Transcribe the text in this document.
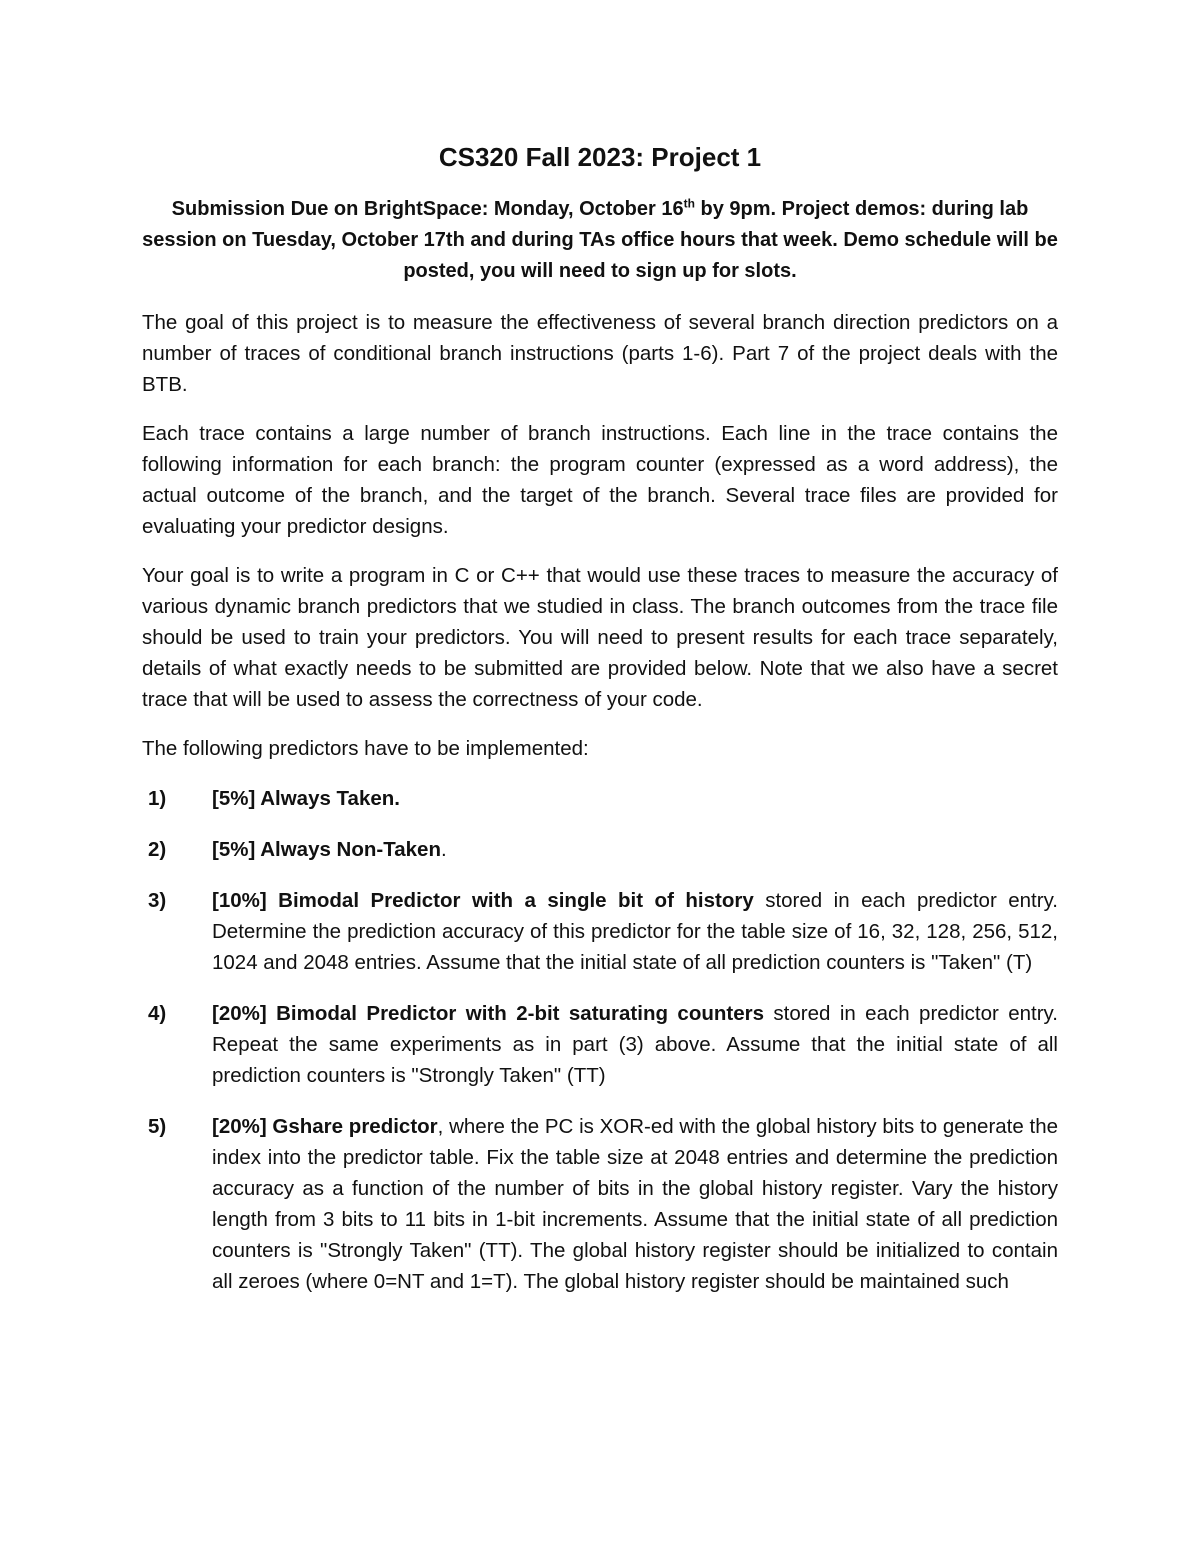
CS320 Fall 2023: Project 1
Submission Due on BrightSpace: Monday, October 16th by 9pm. Project demos: during lab session on Tuesday, October 17th and during TAs office hours that week. Demo schedule will be posted, you will need to sign up for slots.

The goal of this project is to measure the effectiveness of several branch direction predictors on a number of traces of conditional branch instructions (parts 1-6). Part 7 of the project deals with the BTB.

Each trace contains a large number of branch instructions. Each line in the trace contains the following information for each branch: the program counter (expressed as a word address), the actual outcome of the branch, and the target of the branch. Several trace files are provided for evaluating your predictor designs.

Your goal is to write a program in C or C++ that would use these traces to measure the accuracy of various dynamic branch predictors that we studied in class. The branch outcomes from the trace file should be used to train your predictors. You will need to present results for each trace separately, details of what exactly needs to be submitted are provided below. Note that we also have a secret trace that will be used to assess the correctness of your code.

The following predictors have to be implemented:

1) [5%] Always Taken.
2) [5%] Always Non-Taken.
3) [10%] Bimodal Predictor with a single bit of history stored in each predictor entry. Determine the prediction accuracy of this predictor for the table size of 16, 32, 128, 256, 512, 1024 and 2048 entries. Assume that the initial state of all prediction counters is "Taken" (T)
4) [20%] Bimodal Predictor with 2-bit saturating counters stored in each predictor entry. Repeat the same experiments as in part (3) above. Assume that the initial state of all prediction counters is "Strongly Taken" (TT)
5) [20%] Gshare predictor, where the PC is XOR-ed with the global history bits to generate the index into the predictor table. Fix the table size at 2048 entries and determine the prediction accuracy as a function of the number of bits in the global history register. Vary the history length from 3 bits to 11 bits in 1-bit increments. Assume that the initial state of all prediction counters is "Strongly Taken" (TT). The global history register should be initialized to contain all zeroes (where 0=NT and 1=T). The global history register should be maintained such
